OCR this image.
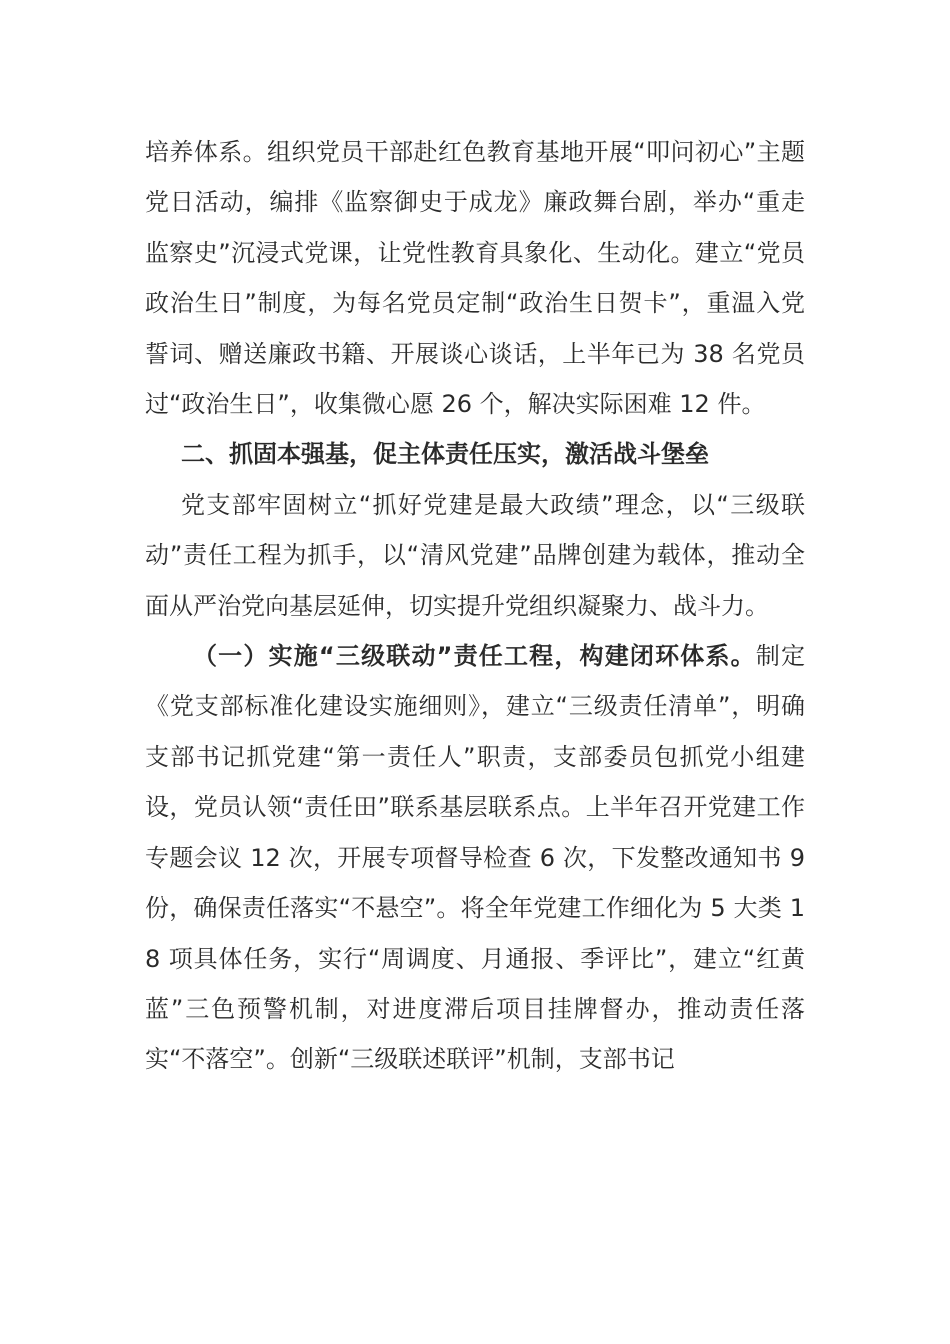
培养体系。组织党员干部赴红色教育基地开展“叩问初心”主题党日活动，编排《监察御史于成龙》廉政舞台剧，举办“重走监察史”沉浸式党课，让党性教育具象化、生动化。建立“党员政治生日”制度，为每名党员定制“政治生日贺卡”，重温入党誓词、赠送廉政书籍、开展谈心谈话，上半年已为 38 名党员过“政治生日”，收集微心愿 26 个，解决实际困难 12 件。

二、抓固本强基，促主体责任压实，激活战斗堡垒

党支部牢固树立“抓好党建是最大政绩”理念，以“三级联动”责任工程为抓手，以“清风党建”品牌创建为载体，推动全面从严治党向基层延伸，切实提升党组织凝聚力、战斗力。

（一）实施“三级联动”责任工程，构建闭环体系。制定《党支部标准化建设实施细则》，建立“三级责任清单”，明确支部书记抓党建“第一责任人”职责，支部委员包抓党小组建设，党员认领“责任田”联系基层联系点。上半年召开党建工作专题会议 12 次，开展专项督导检查 6 次，下发整改通知书 9 份，确保责任落实“不悬空”。将全年党建工作细化为 5 大类 18 项具体任务，实行“周调度、月通报、季评比”，建立“红黄蓝”三色预警机制，对进度滞后项目挂牌督办，推动责任落实“不落空”。创新“三级联述联评”机制，支部书记
